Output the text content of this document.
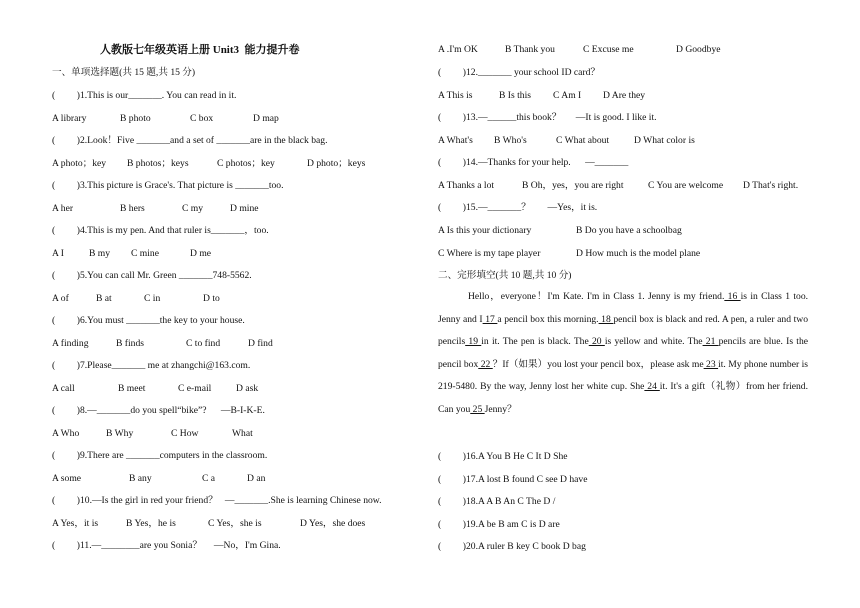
人教版七年级英语上册 Unit3  能力提升卷
一、单项选择题(共 15 题,共 15 分)
(         )1.This is our_______. You can read in it.
A library	B photo	C box	D map
(         )2.Look！Five _______and a set of _______are in the black bag.
A photo；key B photos；keys	C photos；key	D photo；keys
(         )3.This picture is Grace's. That picture is _______too.
A her	B hers	C my	D mine
(         )4.This is my pen. And that ruler is_______，too.
A I	B my C mine	D me
(         )5.You can call Mr. Green _______748-5562.
A of	B at	C in	D to
(         )6.You must _______the key to your house.
A finding	B finds	C to find	D find
(         )7.Please_______ me at zhangchi@163.com.
A call	B meet	C e-mail	D ask
(         )8.—_______do you spell“bike”?      —B-I-K-E.
A Who	B Why	C How	What
(         )9.There are _______computers in the classroom.
A some	B any	C a	D an
(         )10.—Is the girl in red your friend？   —_______.She is learning Chinese now.
A Yes，it is	B Yes，he is	C Yes，she is	D Yes，she does
(         )11.—________are you Sonia？     —No，I'm Gina.
A .I'm OK	B Thank you	C Excuse me	D Goodbye
(         )12._______ your school ID card？
A This is	B Is this C Am I D Are they
(         )13.—______this book？      —It is good. I like it.
A What's B Who's	C What about	D What color is
(         )14.—Thanks for your help.      —_______
A Thanks a lot	B Oh，yes，you are right	C You are welcome D That's right.
(         )15.—_______？       —Yes，it is.
A Is this your dictionary	B Do you have a schoolbag
C Where is my tape player	D How much is the model plane
二、完形填空(共 10 题,共 10 分)
Hello，everyone！I'm Kate. I'm in Class 1. Jenny is my friend. 16 is in Class 1 too. Jenny and I 17 a pencil box this morning. 18 pencil box is black and red. A pen, a ruler and two pencils 19 in it. The pen is black. The 20 is yellow and white. The 21 pencils are blue. Is the pencil box 22 ？If（如果）you lost your pencil box，please ask me 23 it. My phone number is 219-5480. By the way, Jenny lost her white cup. She 24 it. It's a gift（礼物）from her friend. Can you 25 Jenny？
(         )16.A You B He C It D She
(         )17.A lost B found C see D have
(         )18.A A B An C The D /
(         )19.A be B am C is D are
(         )20.A ruler B key C book D bag
